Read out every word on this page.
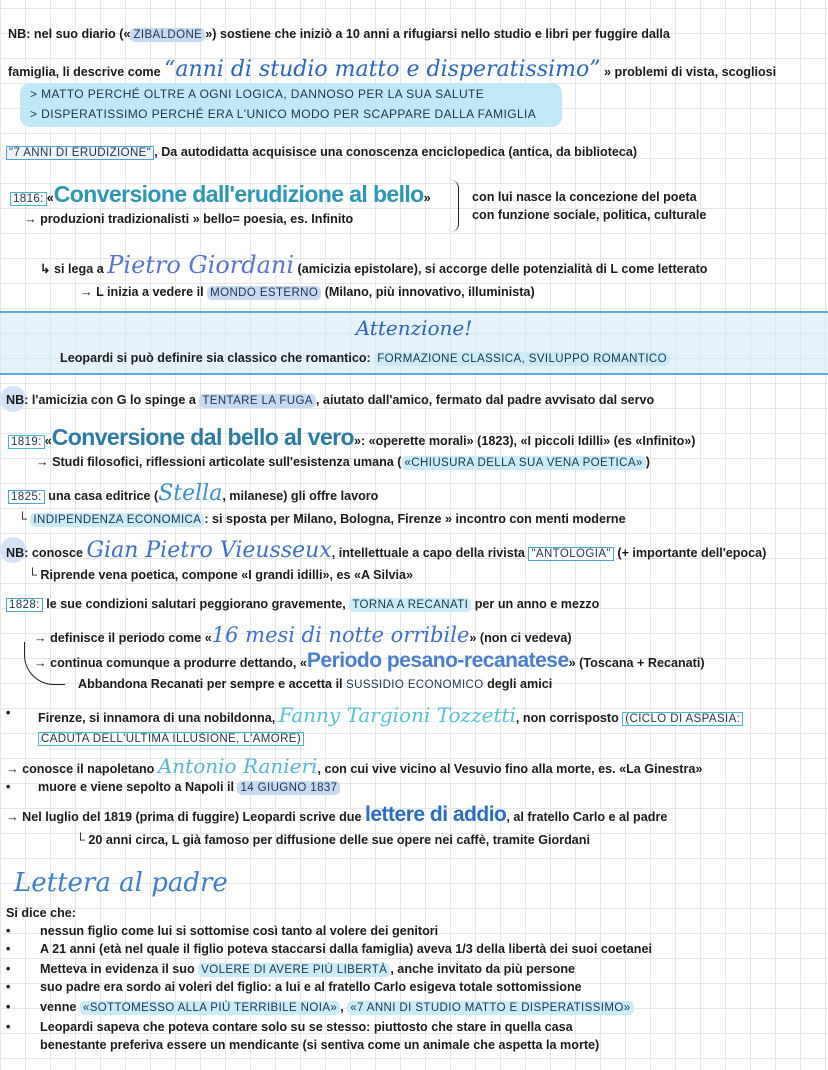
NB: nel suo diario (« ZIBALDONE ») sostiene che iniziò a 10 anni a rifugiarsi nello studio e libri per fuggire dalla
famiglia, li descrive come “anni di studio matto e disperatissimo” » problemi di vista, scogliosi
> MATTO PERCHÉ OLTRE A OGNI LOGICA, DANNOSO PER LA SUA SALUTE
> DISPERATISSIMO PERCHÉ ERA L'UNICO MODO PER SCAPPARE DALLA FAMIGLIA
"7 ANNI DI ERUDIZIONE" , Da autodidatta acquisisce una conoscenza enciclopedica (antica, da biblioteca)
1816: «Conversione dall'erudizione al bello»
→ produzioni tradizionalisti » bello= poesia, es. Infinito
con lui nasce la concezione del poeta
con funzione sociale, politica, culturale
↳ si lega a Pietro Giordani (amicizia epistolare), si accorge delle potenzialità di L come letterato
→ L inizia a vedere il MONDO ESTERNO (Milano, più innovativo, illuminista)
Attenzione!
Leopardi si può definire sia classico che romantico: FORMAZIONE CLASSICA, SVILUPPO ROMANTICO
NB: l'amicizia con G lo spinge a TENTARE LA FUGA , aiutato dall'amico, fermato dal padre avvisato dal servo
1819: «Conversione dal bello al vero»: «operette morali» (1823), «I piccoli Idilli» (es «Infinito»)
→ Studi filosofici, riflessioni articolate sull'esistenza umana ( «CHIUSURA DELLA SUA VENA POETICA» )
1825: una casa editrice (Stella, milanese) gli offre lavoro
└ INDIPENDENZA ECONOMICA : si sposta per Milano, Bologna, Firenze » incontro con menti moderne
NB: conosce Gian Pietro Vieusseux, intellettuale a capo della rivista "ANTOLOGIA" (+ importante dell'epoca)
└ Riprende vena poetica, compone «I grandi idilli», es «A Silvia»
1828: le sue condizioni salutari peggiorano gravemente, TORNA A RECANATI per un anno e mezzo
→ definisce il periodo come «16 mesi di notte orribile» (non ci vedeva)
→ continua comunque a produrre dettando, «Periodo pesano-recanatese» (Toscana + Recanati)
Abbandona Recanati per sempre e accetta il SUSSIDIO ECONOMICO degli amici
• Firenze, si innamora di una nobildonna, Fanny Targioni Tozzetti, non corrisposto (CICLO DI ASPASIA:
CADUTA DELL'ULTIMA ILLUSIONE, L'AMORE)
→ conosce il napoletano Antonio Ranieri, con cui vive vicino al Vesuvio fino alla morte, es. «La Ginestra»
• muore e viene sepolto a Napoli il 14 GIUGNO 1837
→ Nel luglio del 1819 (prima di fuggire) Leopardi scrive due lettere di addio, al fratello Carlo e al padre
└ 20 anni circa, L già famoso per diffusione delle sue opere nei caffè, tramite Giordani
Lettera al padre
Si dice che:
• nessun figlio come lui si sottomise così tanto al volere dei genitori
• A 21 anni (età nel quale il figlio poteva staccarsi dalla famiglia) aveva 1/3 della libertà dei suoi coetanei
• Metteva in evidenza il suo VOLERE DI AVERE PIÙ LIBERTÀ , anche invitato da più persone
• suo padre era sordo ai voleri del figlio: a lui e al fratello Carlo esigeva totale sottomissione
• venne «SOTTOMESSO ALLA PIÙ TERRIBILE NOIA» , «7 ANNI DI STUDIO MATTO E DISPERATISSIMO»
• Leopardi sapeva che poteva contare solo su se stesso: piuttosto che stare in quella casa
benestante preferiva essere un mendicante (si sentiva come un animale che aspetta la morte)
